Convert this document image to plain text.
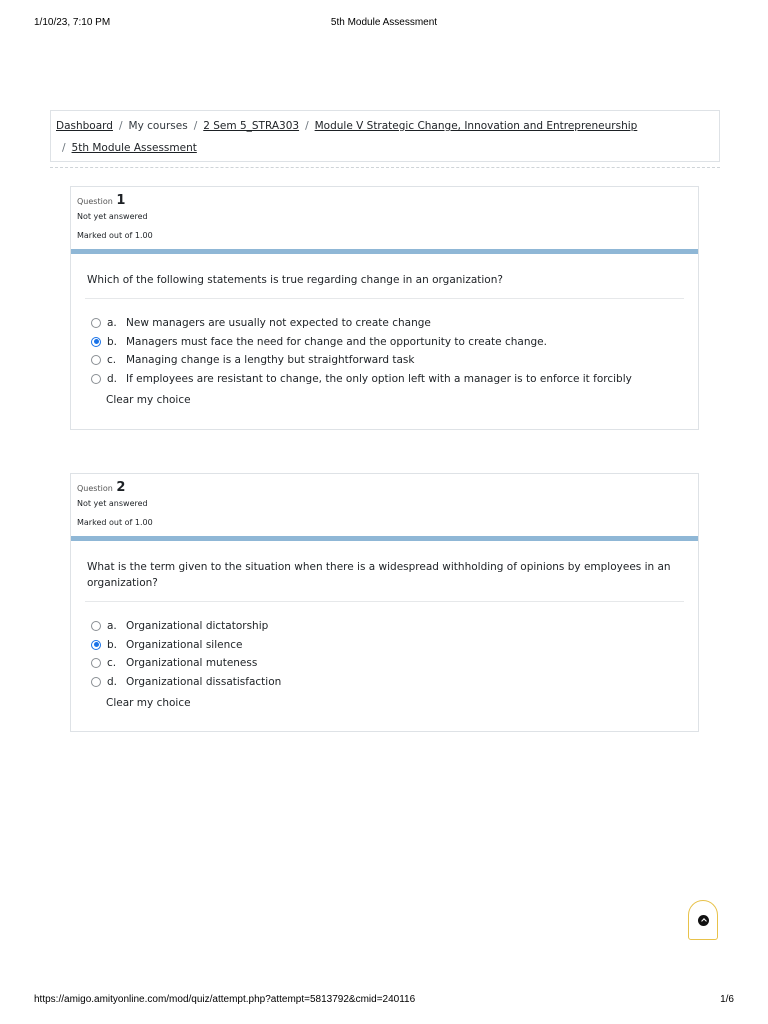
1/10/23, 7:10 PM	5th Module Assessment
Dashboard / My courses / 2 Sem 5_STRA303 / Module V Strategic Change, Innovation and Entrepreneurship
/ 5th Module Assessment
Question 1
Not yet answered
Marked out of 1.00
Which of the following statements is true regarding change in an organization?
a. New managers are usually not expected to create change
b. Managers must face the need for change and the opportunity to create change.
c. Managing change is a lengthy but straightforward task
d. If employees are resistant to change, the only option left with a manager is to enforce it forcibly
Clear my choice
Question 2
Not yet answered
Marked out of 1.00
What is the term given to the situation when there is a widespread withholding of opinions by employees in an organization?
a. Organizational dictatorship
b. Organizational silence
c. Organizational muteness
d. Organizational dissatisfaction
Clear my choice
https://amigo.amityonline.com/mod/quiz/attempt.php?attempt=5813792&cmid=240116	1/6
